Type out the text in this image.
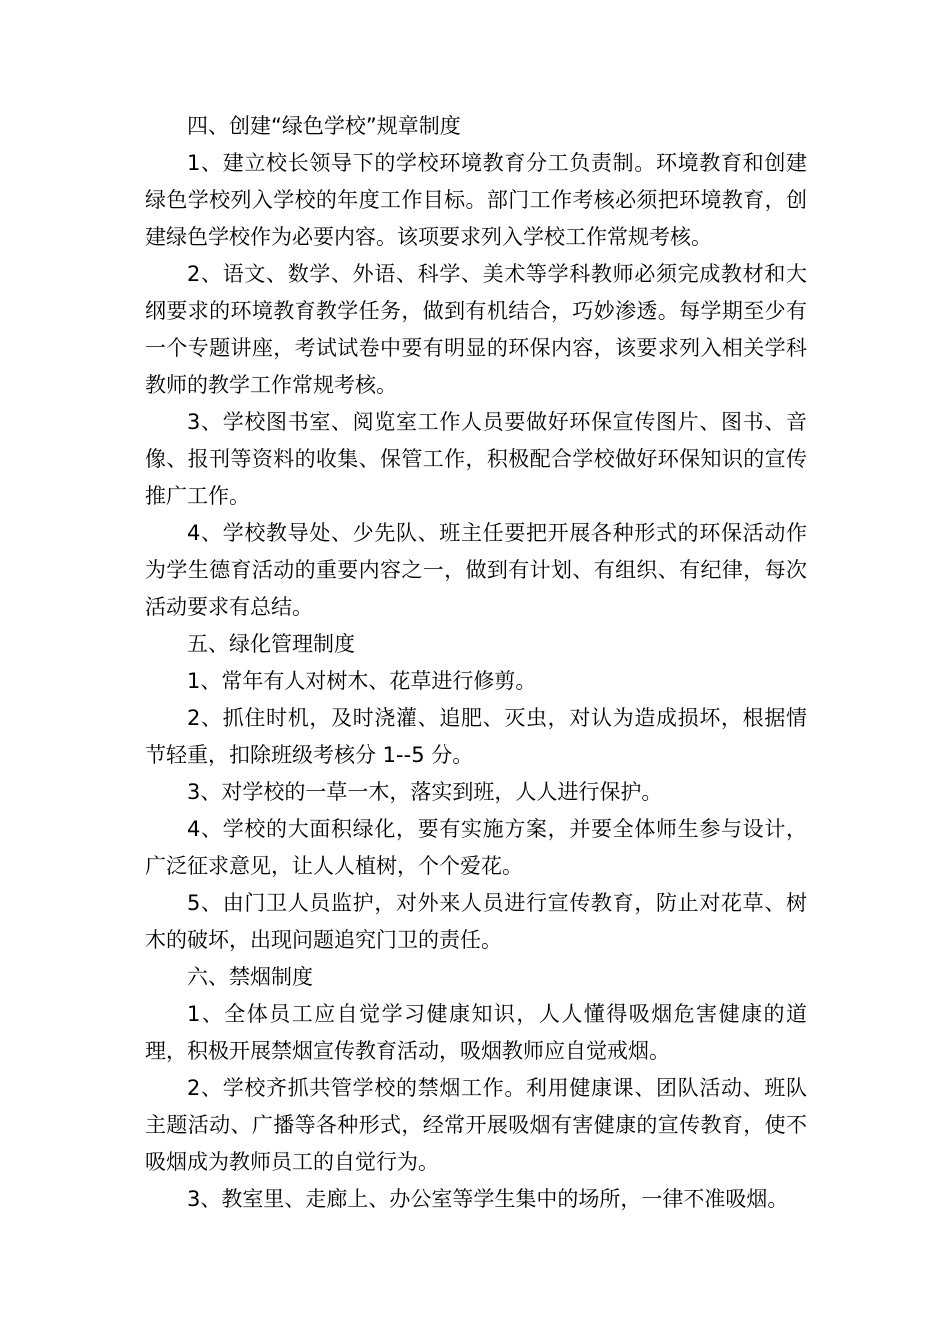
四、创建“绿色学校”规章制度

1、建立校长领导下的学校环境教育分工负责制。环境教育和创建绿色学校列入学校的年度工作目标。部门工作考核必须把环境教育，创建绿色学校作为必要内容。该项要求列入学校工作常规考核。

2、语文、数学、外语、科学、美术等学科教师必须完成教材和大纲要求的环境教育教学任务，做到有机结合，巧妙渗透。每学期至少有一个专题讲座，考试试卷中要有明显的环保内容，该要求列入相关学科教师的教学工作常规考核。

3、学校图书室、阅览室工作人员要做好环保宣传图片、图书、音像、报刊等资料的收集、保管工作，积极配合学校做好环保知识的宣传推广工作。

4、学校教导处、少先队、班主任要把开展各种形式的环保活动作为学生德育活动的重要内容之一，做到有计划、有组织、有纪律，每次活动要求有总结。

五、绿化管理制度

1、常年有人对树木、花草进行修剪。

2、抓住时机，及时浇灌、追肥、灭虫，对认为造成损坏，根据情节轻重，扣除班级考核分 1--5 分。

3、对学校的一草一木，落实到班，人人进行保护。

4、学校的大面积绿化，要有实施方案，并要全体师生参与设计，广泛征求意见，让人人植树，个个爱花。

5、由门卫人员监护，对外来人员进行宣传教育，防止对花草、树木的破坏，出现问题追究门卫的责任。

六、禁烟制度

1、全体员工应自觉学习健康知识，人人懂得吸烟危害健康的道理，积极开展禁烟宣传教育活动，吸烟教师应自觉戒烟。

2、学校齐抓共管学校的禁烟工作。利用健康课、团队活动、班队主题活动、广播等各种形式，经常开展吸烟有害健康的宣传教育，使不吸烟成为教师员工的自觉行为。

3、教室里、走廊上、办公室等学生集中的场所，一律不准吸烟。
